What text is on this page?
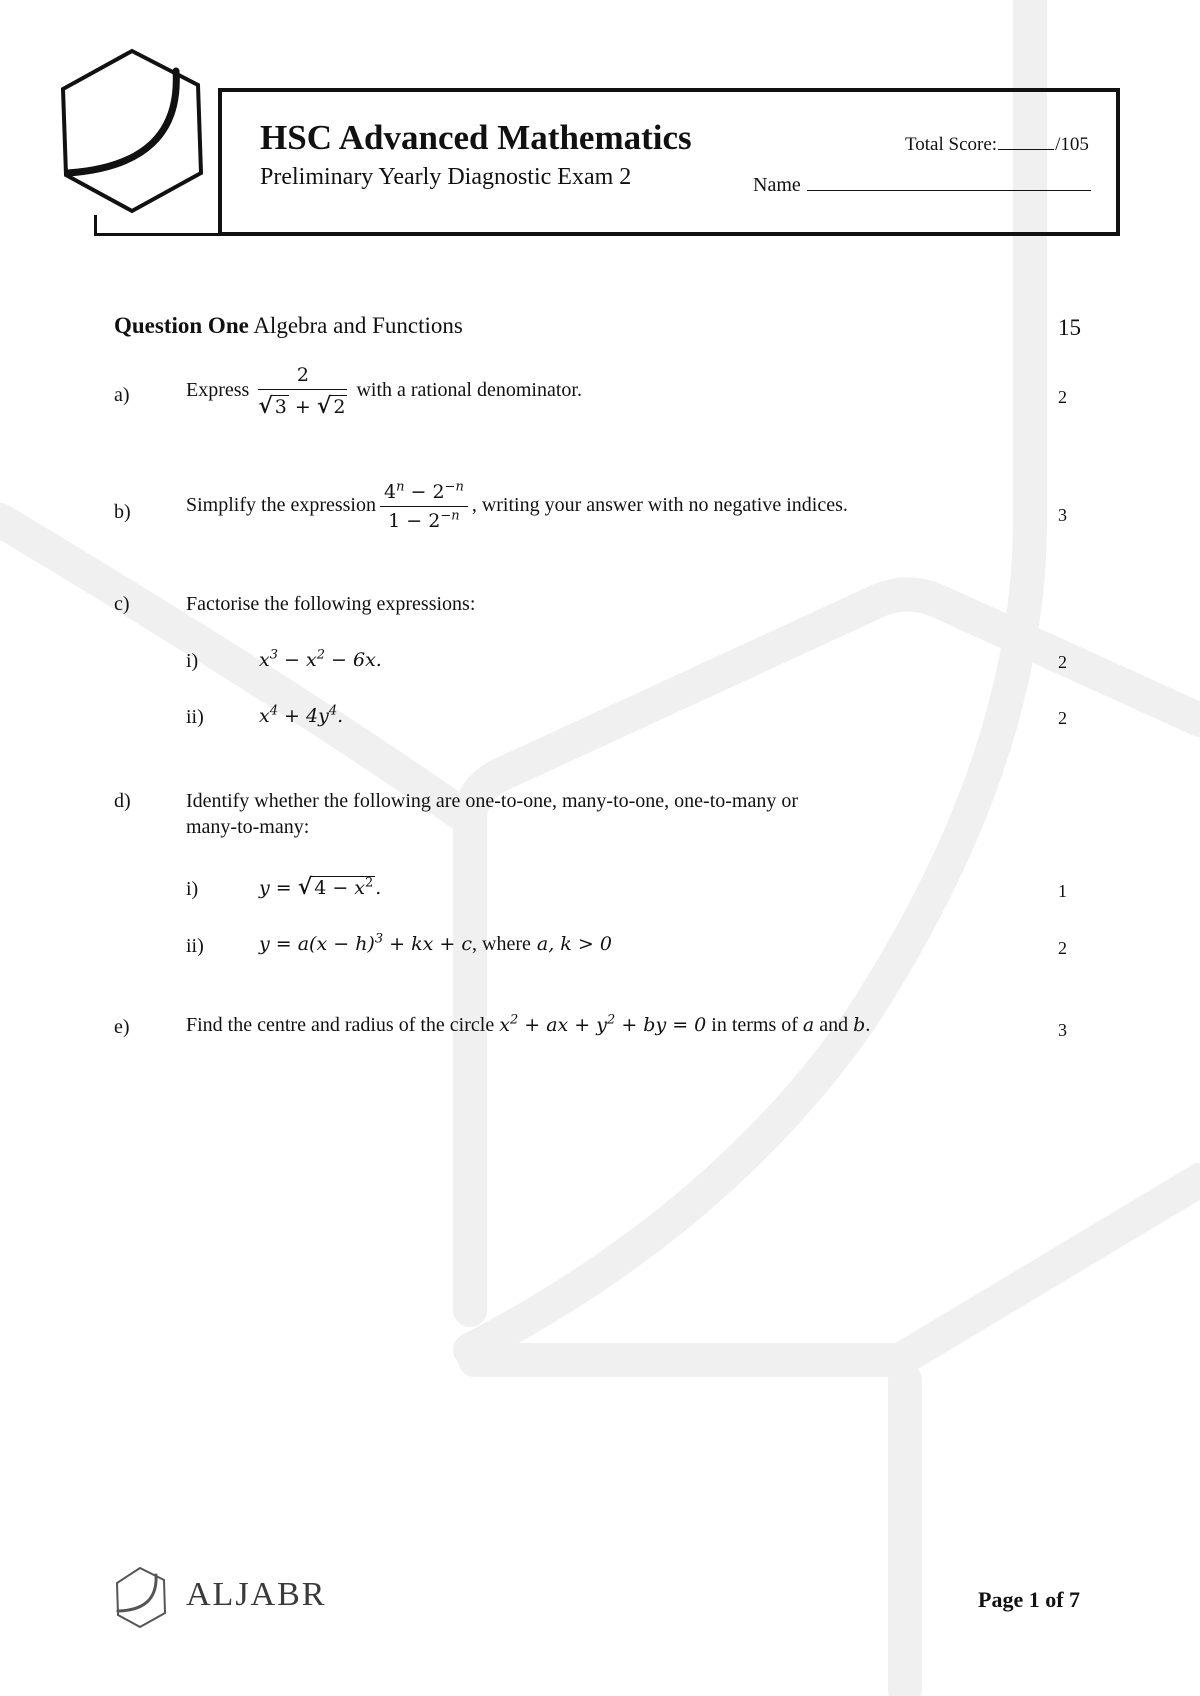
HSC Advanced Mathematics
Preliminary Yearly Diagnostic Exam 2
Total Score:	/105
Name
Question One Algebra and Functions	15
a)	Express $\frac{2}{√ 3 + √ 2}$ with a rational denominator.	2
b)	Simplify the expression $\frac{4^n - 2^{-n}}{1 - 2^{-n}}$ , writing your answer with no negative indices.	3
c)	Factorise the following expressions:
i)	$x^3 - x^2 - 6x$.	2
ii)	$x^4 + 4y^4$.	2
d)	Identify whether the following are one-to-one, many-to-one, one-to-many or
many-to-many:
i)	y = √ $4 - x^2$ .	1
ii)	$y = a(x - h)^3$ + kx + c, where a, k > 0	2
e)	Find the centre and radius of the circle $x^2$ + ax + $y^2$ + by = 0 in terms of a and b.	3
ALJABR	Page 1 of 7
